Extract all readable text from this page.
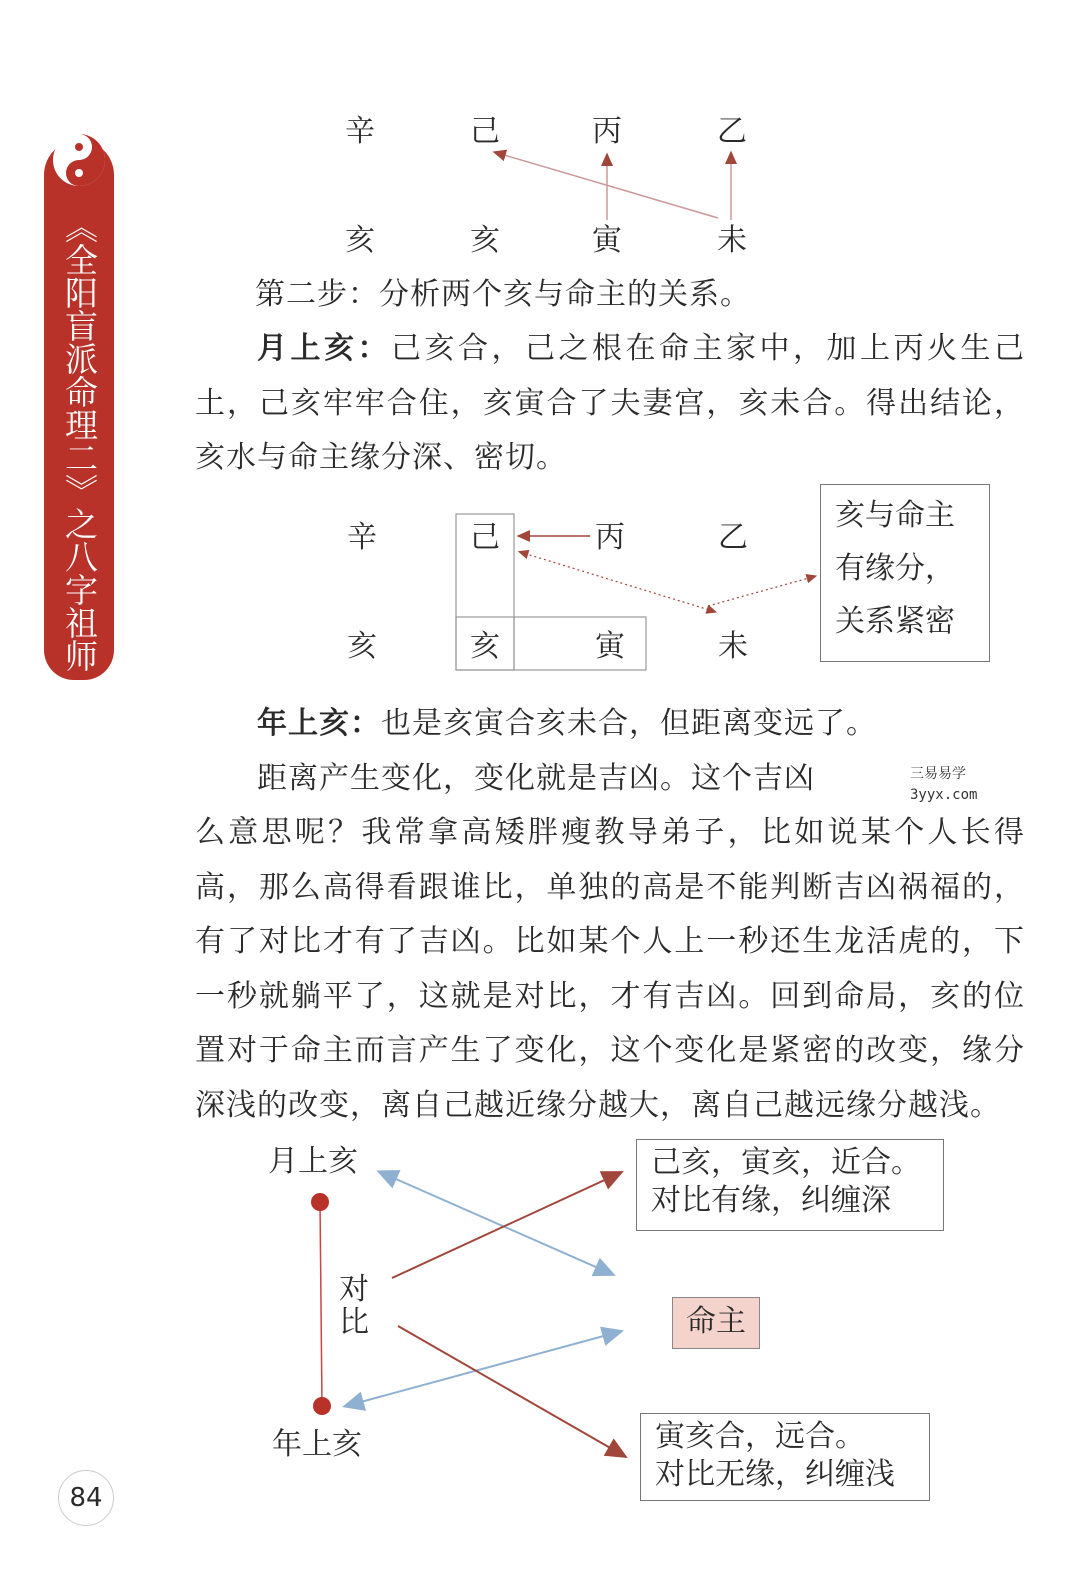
《全阳盲派命理二》之八字祖师
辛	己	丙	乙
亥	亥	寅	未
第二步：分析两个亥与命主的关系。
月上亥：己亥合，己之根在命主家中，加上丙火生己土，己亥牢牢合住，亥寅合了夫妻宫，亥未合。得出结论，亥水与命主缘分深、密切。
辛	己	丙	乙
亥	亥	寅	未
亥与命主
有缘分，
关系紧密
年上亥：也是亥寅合亥未合，但距离变远了。
距离产生变化，变化就是吉凶。这个吉凶
么意思呢？我常拿高矮胖瘦教导弟子，比如说某个人长得高，那么高得看跟谁比，单独的高是不能判断吉凶祸福的，有了对比才有了吉凶。比如某个人上一秒还生龙活虎的，下一秒就躺平了，这就是对比，才有吉凶。回到命局，亥的位置对于命主而言产生了变化，这个变化是紧密的改变，缘分深浅的改变，离自己越近缘分越大，离自己越远缘分越浅。
三易易学
3yyx.com
月上亥
年上亥
对
比	命主
己亥，寅亥，近合。
对比有缘，纠缠深
寅亥合，远合。
对比无缘，纠缠浅
84
